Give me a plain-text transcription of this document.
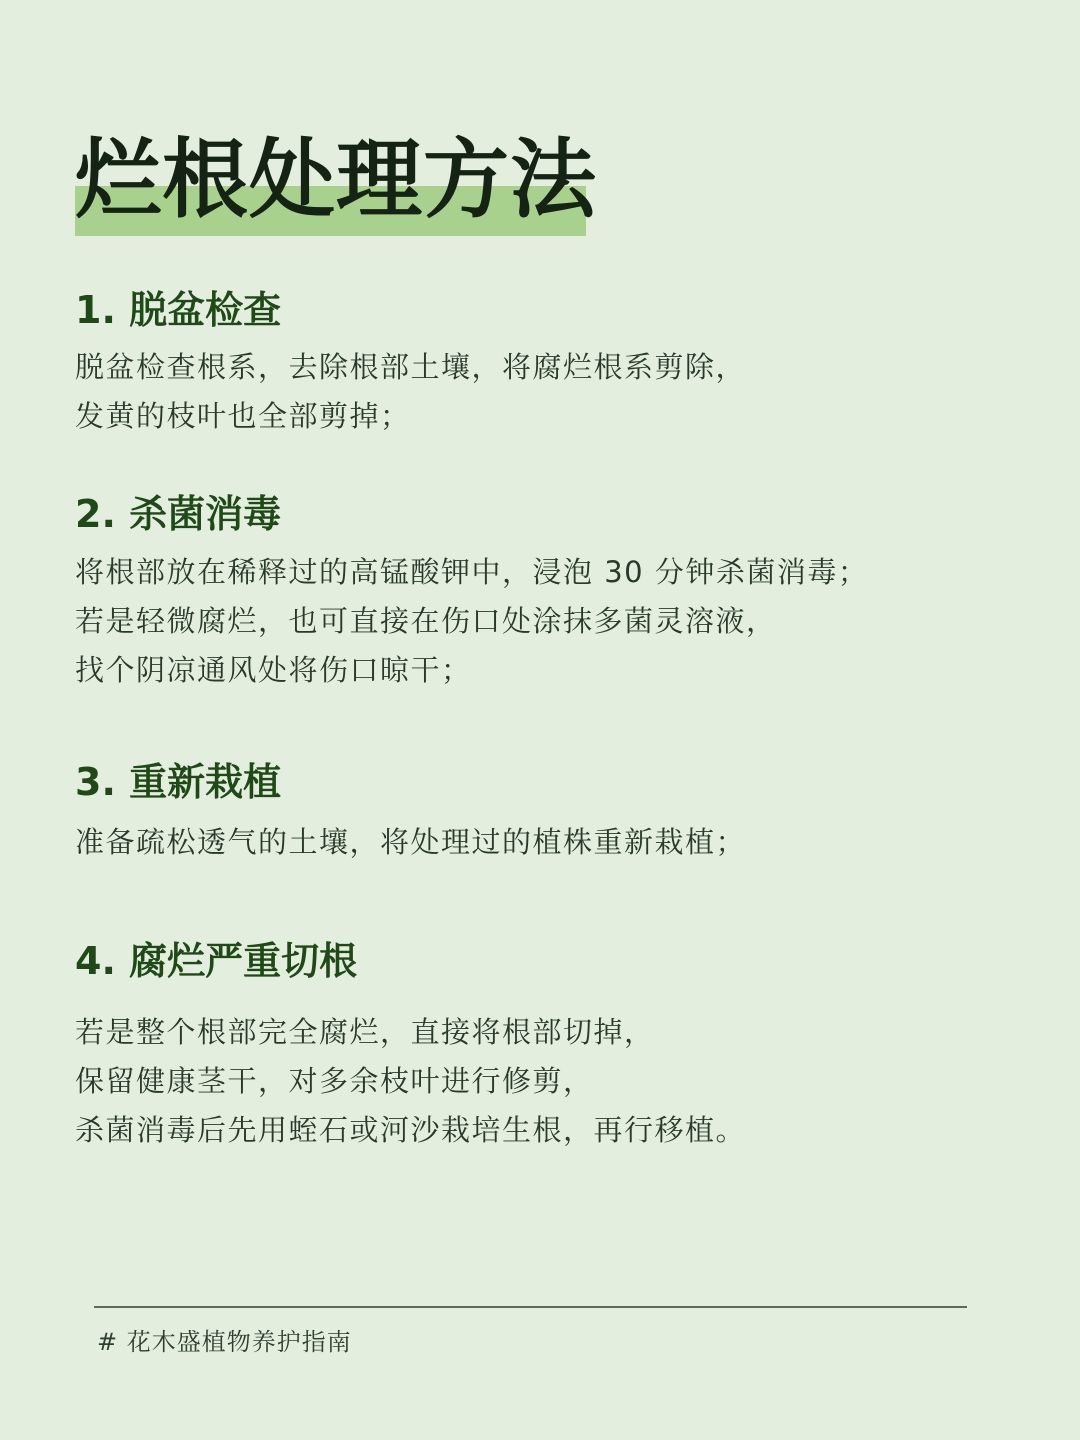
烂根处理方法
1. 脱盆检查

脱盆检查根系，去除根部土壤，将腐烂根系剪除，
发黄的枝叶也全部剪掉；

2. 杀菌消毒

将根部放在稀释过的高锰酸钾中，浸泡 30 分钟杀菌消毒；
若是轻微腐烂，也可直接在伤口处涂抹多菌灵溶液，
找个阴凉通风处将伤口晾干；

3. 重新栽植

准备疏松透气的土壤，将处理过的植株重新栽植；

4. 腐烂严重切根

若是整个根部完全腐烂，直接将根部切掉，
保留健康茎干，对多余枝叶进行修剪，
杀菌消毒后先用蛭石或河沙栽培生根，再行移植。

# 花木盛植物养护指南
